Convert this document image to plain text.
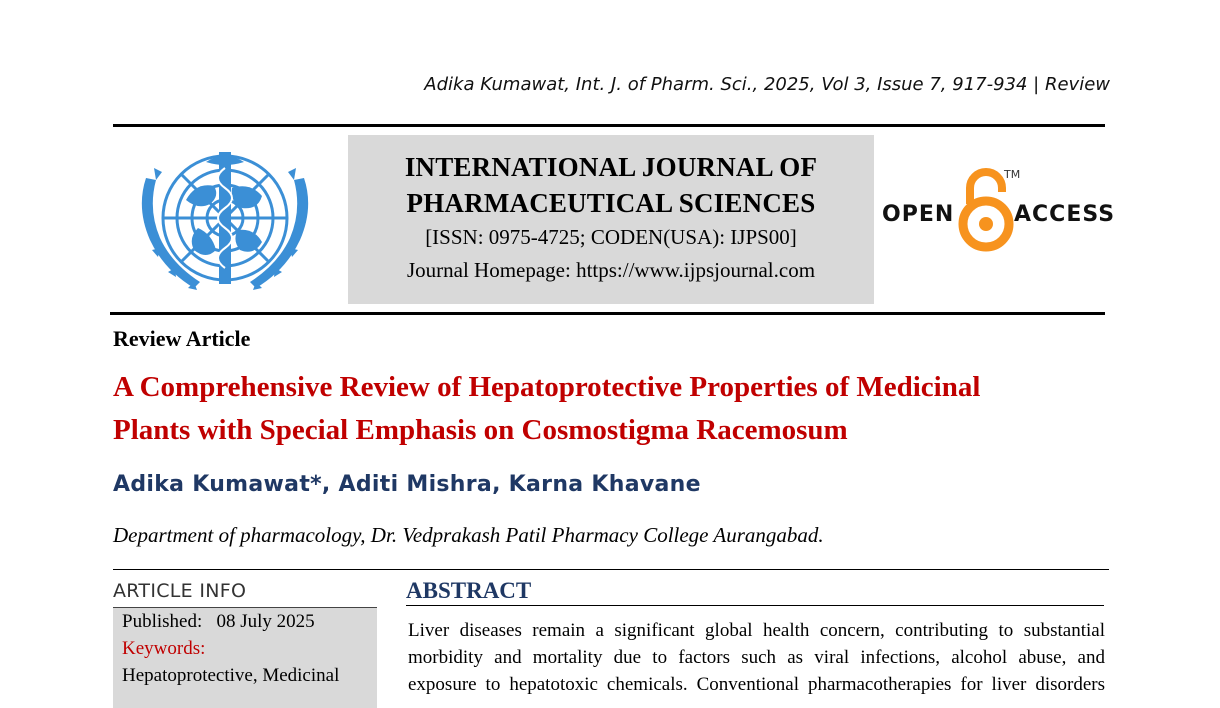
Adika Kumawat, Int. J. of Pharm. Sci., 2025, Vol 3, Issue 7, 917-934 | Review
INTERNATIONAL JOURNAL OF
PHARMACEUTICAL SCIENCES
[ISSN: 0975-4725; CODEN(USA): IJPS00]
Journal Homepage: https://www.ijpsjournal.com
OPEN
TM
ACCESS
Review Article
A Comprehensive Review of Hepatoprotective Properties of Medicinal
Plants with Special Emphasis on Cosmostigma Racemosum
Adika Kumawat*, Aditi Mishra, Karna Khavane
Department of pharmacology, Dr. Vedprakash Patil Pharmacy College Aurangabad.
ARTICLE INFO
Published:   08 July 2025
Keywords:
Hepatoprotective, Medicinal
ABSTRACT
Liver diseases remain a significant global health concern, contributing to substantial
morbidity and mortality due to factors such as viral infections, alcohol abuse, and
exposure to hepatotoxic chemicals. Conventional pharmacotherapies for liver disorders
